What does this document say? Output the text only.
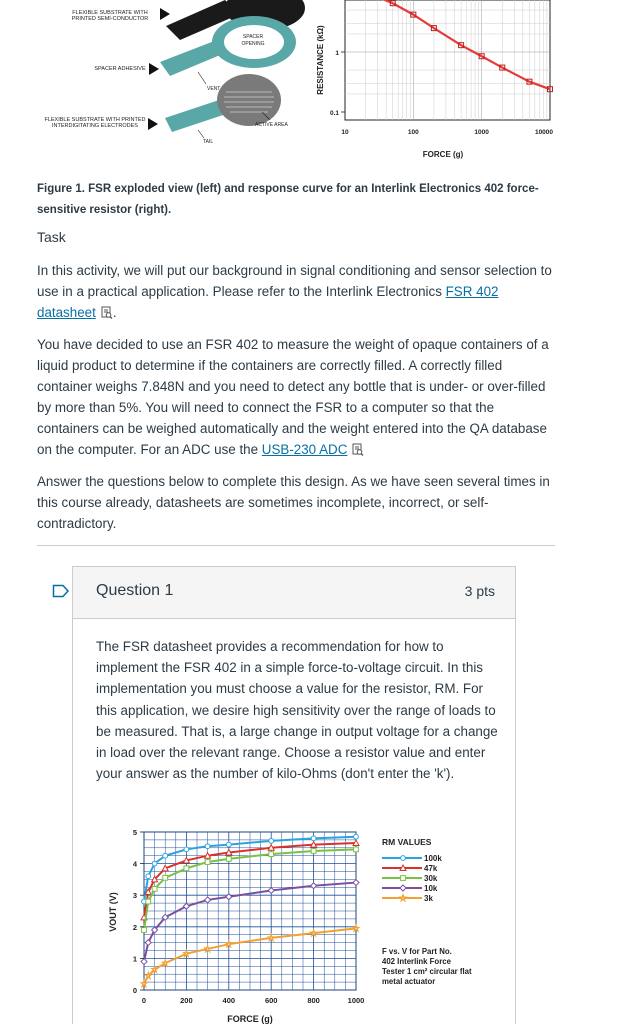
FLEXIBLE SUBSTRATE WITH
PRINTED SEMI-CONDUCTOR
SPACER ADHESIVE
FLEXIBLE SUBSTRATE WITH PRINTED
INTERDIGITATING ELECTRODES
SPACER
OPENING
VENT
ACTIVE AREA
TAIL
1
0.1
10	100	1000	10000
RESISTANCE (kΩ)
FORCE (g)
Figure 1. FSR exploded view (left) and response curve for an Interlink Electronics 402 force-sensitive resistor (right).
Task
In this activity, we will put our background in signal conditioning and sensor selection to use in a practical application. Please refer to the Interlink Electronics FSR 402 datasheet .
You have decided to use an FSR 402 to measure the weight of opaque containers of a liquid product to determine if the containers are correctly filled. A correctly filled container weighs 7.848N and you need to detect any bottle that is under- or over-filled by more than 5%. You will need to connect the FSR to a computer so that the containers can be weighed automatically and the weight entered into the QA database on the computer. For an ADC use the USB-230 ADC
Answer the questions below to complete this design. As we have seen several times in this course already, datasheets are sometimes incomplete, incorrect, or self-contradictory.
Question 1	3 pts
The FSR datasheet provides a recommendation for how to implement the FSR 402 in a simple force-to-voltage circuit. In this implementation you must choose a value for the resistor, RM. For this application, we desire high sensitivity over the range of loads to be measured. That is, a large change in output voltage for a change in load over the relevant range. Choose a resistor value and enter your answer as the number of kilo-Ohms (don't enter the 'k').
0
1
2
3
4
5
0	200	400	600	800	1000
VOUT (V)
FORCE (g)
RM VALUES
100k
47k
30k
10k
3k
F vs. V for Part No.
402 Interlink Force
Tester 1 cm² circular flat
metal actuator
